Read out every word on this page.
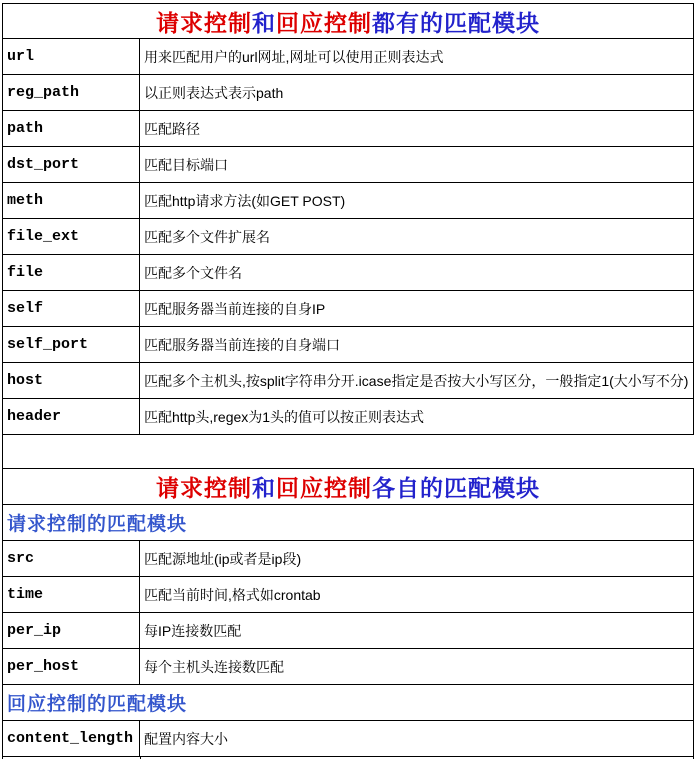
请求控制 和 回应控制 都有的匹配模块
url	用来匹配用户的url网址,网址可以使用正则表达式
reg_path	以正则表达式表示path
path	匹配路径
dst_port	匹配目标端口
meth	匹配http请求方法(如GET POST)
file_ext	匹配多个文件扩展名
file	匹配多个文件名
self	匹配服务器当前连接的自身IP
self_port	匹配服务器当前连接的自身端口
host	匹配多个主机头,按split字符串分开.icase指定是否按大小写区分，一般指定1(大小写不分)
header	匹配http头,regex为1头的值可以按正则表达式
请求控制 和 回应控制 各自的匹配模块
请求控制的匹配模块
src	匹配源地址(ip或者是ip段)
time	匹配当前时间,格式如crontab
per_ip	每IP连接数匹配
per_host	每个主机头连接数匹配
回应控制的匹配模块
content_length 配置内容大小
